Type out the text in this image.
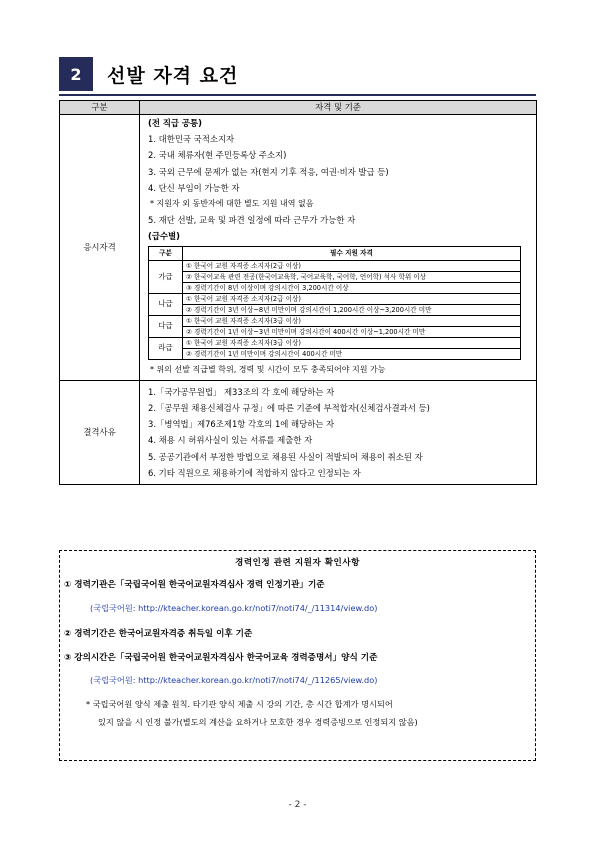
2	선발 자격 요건
구분	자격 및 기준
응시자격	
(전 직급 공통)
1. 대한민국 국적소지자
2. 국내 체류자(현 주민등록상 주소지)
3. 국외 근무에 문제가 없는 자(현지 기후 적응, 여권·비자 발급 등)
4. 단신 부임이 가능한 자
* 지원자 외 동반자에 대한 별도 지원 내역 없음
5. 재단 선발, 교육 및 파견 일정에 따라 근무가 가능한 자
(급수별)
구분	필수 지원 자격
가급	① 한국어 교원 자격증 소지자(2급 이상)
② 한국어교육 관련 전공(한국어교육학, 국어교육학, 국어학, 언어학) 석사 학위 이상
③ 경력기간이 8년 이상이며 강의시간이 3,200시간 이상
나급	① 한국어 교원 자격증 소지자(2급 이상)
② 경력기간이 3년 이상~8년 미만이며 강의시간이 1,200시간 이상~3,200시간 미만
다급	① 한국어 교원 자격증 소지자(3급 이상)
② 경력기간이 1년 이상~3년 미만이며 강의시간이 400시간 이상~1,200시간 미만
라급	① 한국어 교원 자격증 소지자(3급 이상)
② 경력기간이 1년 미만이며 강의시간이 400시간 미만
* 위의 선발 직급별 학위, 경력 및 시간이 모두 충족되어야 지원 가능

결격사유	
1.「국가공무원법」 제33조의 각 호에 해당하는 자
2.「공무원 채용신체검사 규정」에 따른 기준에 부적합자(신체검사결과서 등)
3.「병역법」제76조제1항 각호의 1에 해당하는 자
4. 채용 시 허위사실이 있는 서류를 제출한 자
5. 공공기관에서 부정한 방법으로 채용된 사실이 적발되어 채용이 취소된 자
6. 기타 직원으로 채용하기에 적합하지 않다고 인정되는 자
경력인정 관련 지원자 확인사항
① 경력기관은「국립국어원 한국어교원자격심사 경력 인정기관」기준
(국립국어원: http://kteacher.korean.go.kr/noti7/noti74/_/11314/view.do)
② 경력기간은 한국어교원자격증 취득일 이후 기준
③ 강의시간은「국립국어원 한국어교원자격심사 한국어교육 경력증명서」양식 기준
(국립국어원: http://kteacher.korean.go.kr/noti7/noti74/_/11265/view.do)
* 국립국어원 양식 제출 원칙. 타기관 양식 제출 시 강의 기간, 총 시간 합계가 명시되어
있지 않을 시 인정 불가(별도의 계산을 요하거나 모호한 경우 경력증빙으로 인정되지 않음)
- 2 -
